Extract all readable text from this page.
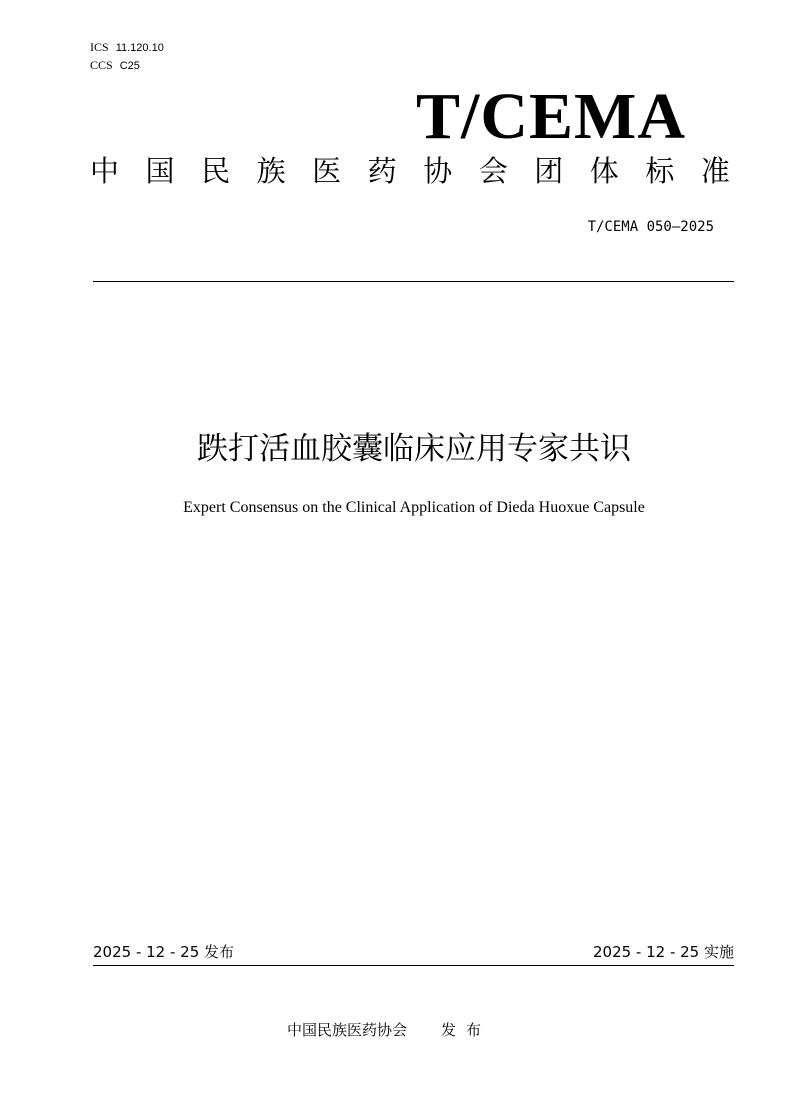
ICS 11.120.10
CCS C25
T/CEMA
中 国 民 族 医 药 协 会 团 体 标 准
T/CEMA 050—2025
跌打活血胶囊临床应用专家共识
Expert Consensus on the Clinical Application of Dieda Huoxue Capsule
2025 - 12 - 25 发布	2025 - 12 - 25 实施
中国民族医药协会 发布
